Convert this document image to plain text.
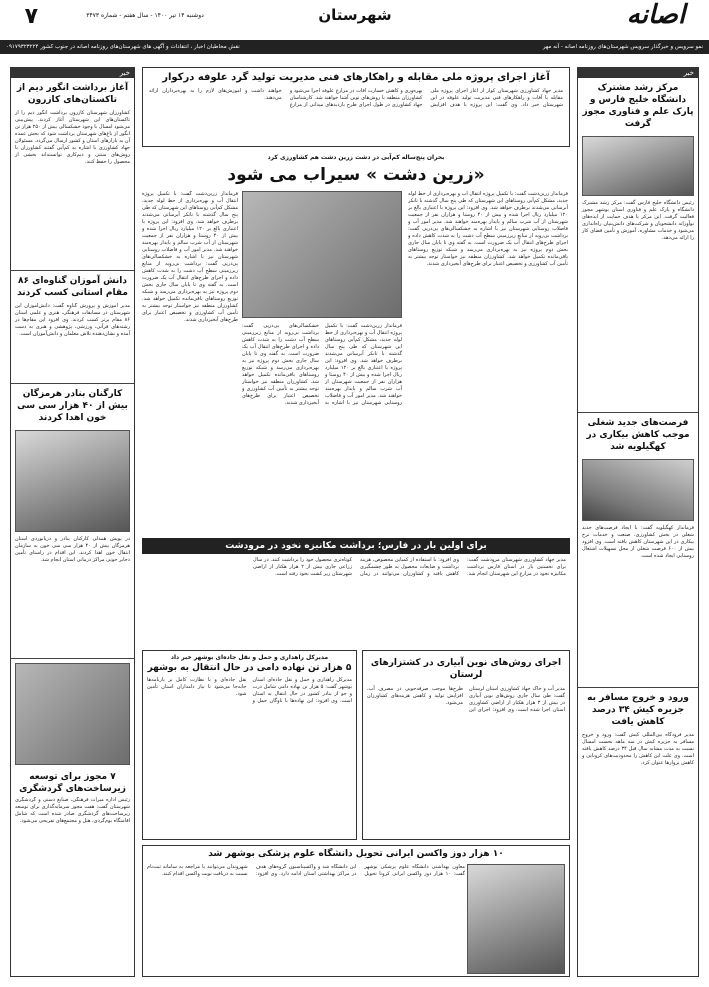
۷	دوشنبه ۱۴ تیر ۱۴۰۰ - سال هفتم - شماره ۳۴۷۳	شهرستان	اصانه
نمو سرویس و خبرگذار سرویس شهرستان‌های روزنامه اصانه - آنه مهر
نقش مخاطبان اخبار ، انتقادات و آگهی های شهرستان‌های روزنامه اصانه در جنوب کشور ۰۹۱۷۹۳۲۳۲۲۴
خبر
آغاز برداشت انگور دیم از تاکستان‌های کازرون
کشاورزان شهرستان کازرون برداشت انگور دیم را از تاکستان‌های این شهرستان آغاز کردند. پیش‌بینی می‌شود امسال با وجود خشکسالی بیش از ۲۵۰ هزار تن انگور از باغ‌های شهرستان برداشت شود که بخش عمده آن به بازارهای استان و کشور ارسال می‌گردد. مسئولان جهاد کشاورزی با اشاره به کم‌آبی گفتند کشاورزان با روش‌های سنتی و دیم‌کاری توانسته‌اند بخشی از محصول را حفظ کنند.
دانش آموزان گناوه‌ای ۸۶ مقام استانی کسب کردند
مدیر آموزش و پرورش گناوه گفت: دانش‌آموزان این شهرستان در مسابقات فرهنگی، هنری و علمی استان ۸۶ مقام برتر کسب کردند. وی افزود این مقام‌ها در رشته‌های قرآنی، ورزشی، پژوهشی و هنری به دست آمده و نشان‌دهنده تلاش معلمان و دانش‌آموزان است.
کارگنان بنادر هرمزگان بیش از ۴۰ هزار سی سی خون اهدا کردند
در پویش همدلی کارکنان بنادر و دریانوردی استان هرمزگان بیش از ۴۰ هزار سی سی خون به سازمان انتقال خون اهدا کردند. این اقدام در راستای تأمین ذخایر خونی مراکز درمانی استان انجام شد.
۷ مجوز برای توسعه زیرساخت‌های گردشگری
رئیس اداره میراث فرهنگی، صنایع دستی و گردشگری شهرستان گفت: هفت مجوز سرمایه‌گذاری برای توسعه زیرساخت‌های گردشگری صادر شده است که شامل اقامتگاه بوم‌گردی، هتل و مجتمع‌های تفریحی می‌شود.
خبر
مرکز رشد مشترک دانشگاه خلیج فارس و پارک علم و فناوری مجوز گرفت
رئیس دانشگاه خلیج فارس گفت: مرکز رشد مشترک دانشگاه و پارک علم و فناوری استان بوشهر مجوز فعالیت گرفت. این مرکز با هدف حمایت از ایده‌های نوآورانه دانشجویان و شرکت‌های دانش‌بنیان راه‌اندازی می‌شود و خدمات مشاوره، آموزش و تأمین فضای کار را ارائه می‌دهد.
فرصت‌های جدید شغلی موجب کاهش بیکاری در کهگیلویه شد
فرماندار کهگیلویه گفت: با ایجاد فرصت‌های جدید شغلی در بخش کشاورزی، صنعت و خدمات نرخ بیکاری در این شهرستان کاهش یافته است. وی افزود بیش از ۶۰۰ فرصت شغلی از محل تسهیلات اشتغال روستایی ایجاد شده است.
ورود و خروج مسافر به جزیره کیش ۳۴ درصد کاهش یافت
مدیر فرودگاه بین‌المللی کیش گفت: ورود و خروج مسافر به جزیره کیش در سه ماهه نخست امسال نسبت به مدت مشابه سال قبل ۳۴ درصد کاهش یافته است. وی علت این کاهش را محدودیت‌های کرونایی و کاهش پروازها عنوان کرد.
آغاز اجرای پروژه ملی مقابله و راهکارهای فنی مدیریت تولید گرد علوفه درکوار
مدیر جهاد کشاورزی شهرستان کوار از آغاز اجرای پروژه ملی مقابله با آفات و راهکارهای فنی مدیریت تولید علوفه در این شهرستان خبر داد. وی گفت: این پروژه با هدف افزایش بهره‌وری و کاهش خسارت آفات در مزارع علوفه اجرا می‌شود و کشاورزان منطقه با روش‌های نوین آشنا خواهند شد. کارشناسان جهاد کشاورزی در طول اجرای طرح بازدیدهای میدانی از مزارع خواهند داشت و آموزش‌های لازم را به بهره‌برداران ارائه می‌دهند.
بحران پنج‌ساله کم‌آبی در دشت زرین دشت هم کشاورزی کرد
«زرین دشت » سیراب می شود
فرماندار زرین‌دشت گفت: با تکمیل پروژه انتقال آب و بهره‌برداری از خط لوله جدید، مشکل کم‌آبی روستاهای این شهرستان که طی پنج سال گذشته با تانکر آبرسانی می‌شدند برطرف خواهد شد. وی افزود: این پروژه با اعتباری بالغ بر ۱۲۰ میلیارد ریال اجرا شده و بیش از ۴۰ روستا و هزاران نفر از جمعیت شهرستان از آب شرب سالم و پایدار بهره‌مند خواهند شد. مدیر امور آب و فاضلاب روستایی شهرستان نیز با اشاره به خشکسالی‌های پی‌درپی گفت: برداشت بی‌رویه از منابع زیرزمینی سطح آب دشت را به شدت کاهش داده و اجرای طرح‌های انتقال آب یک ضرورت است. به گفته وی تا پایان سال جاری بخش دوم پروژه نیز به بهره‌برداری می‌رسد و شبکه توزیع روستاهای باقی‌مانده تکمیل خواهد شد. کشاورزان منطقه نیز خواستار توجه بیشتر به تأمین آب کشاورزی و تخصیص اعتبار برای طرح‌های آبخیزداری شدند.
فرماندار زرین‌دشت گفت: با تکمیل پروژه انتقال آب و بهره‌برداری از خط لوله جدید، مشکل کم‌آبی روستاهای این شهرستان که طی پنج سال گذشته با تانکر آبرسانی می‌شدند برطرف خواهد شد. وی افزود: این پروژه با اعتباری بالغ بر ۱۲۰ میلیارد ریال اجرا شده و بیش از ۴۰ روستا و هزاران نفر از جمعیت شهرستان از آب شرب سالم و پایدار بهره‌مند خواهند شد. مدیر امور آب و فاضلاب روستایی شهرستان نیز با اشاره به خشکسالی‌های پی‌درپی گفت: برداشت بی‌رویه از منابع زیرزمینی سطح آب دشت را به شدت کاهش داده و اجرای طرح‌های انتقال آب یک ضرورت است. به گفته وی تا پایان سال جاری بخش دوم پروژه نیز به بهره‌برداری می‌رسد و شبکه توزیع روستاهای باقی‌مانده تکمیل خواهد شد. کشاورزان منطقه نیز خواستار توجه بیشتر به تأمین آب کشاورزی و تخصیص اعتبار برای طرح‌های آبخیزداری شدند.
فرماندار زرین‌دشت گفت: با تکمیل پروژه انتقال آب و بهره‌برداری از خط لوله جدید، مشکل کم‌آبی روستاهای این شهرستان که طی پنج سال گذشته با تانکر آبرسانی می‌شدند برطرف خواهد شد. وی افزود: این پروژه با اعتباری بالغ بر ۱۲۰ میلیارد ریال اجرا شده و بیش از ۴۰ روستا و هزاران نفر از جمعیت شهرستان از آب شرب سالم و پایدار بهره‌مند خواهند شد. مدیر امور آب و فاضلاب روستایی شهرستان نیز با اشاره به خشکسالی‌های پی‌درپی گفت: برداشت بی‌رویه از منابع زیرزمینی سطح آب دشت را به شدت کاهش داده و اجرای طرح‌های انتقال آب یک ضرورت است. به گفته وی تا پایان سال جاری بخش دوم پروژه نیز به بهره‌برداری می‌رسد و شبکه توزیع روستاهای باقی‌مانده تکمیل خواهد شد. کشاورزان منطقه نیز خواستار توجه بیشتر به تأمین آب کشاورزی و تخصیص اعتبار برای طرح‌های آبخیزداری شدند.
برای اولین بار در فارس؛ برداشت مکانیزه نخود در مرودشت
مدیر جهاد کشاورزی شهرستان مرودشت گفت: برای نخستین بار در استان فارس برداشت مکانیزه نخود در مزارع این شهرستان انجام شد. وی افزود: با استفاده از کمباین مخصوص، هزینه برداشت و ضایعات محصول به طور چشمگیری کاهش یافته و کشاورزان می‌توانند در زمان کوتاه‌تری محصول خود را برداشت کنند. در سال زراعی جاری بیش از ۲ هزار هکتار از اراضی شهرستان زیر کشت نخود رفته است.
مدیرکل راهداری و حمل و نقل جاده‌ای بوشهر خبر داد
۵ هزار تن نهاده دامی در حال انتقال به بوشهر
مدیرکل راهداری و حمل و نقل جاده‌ای استان بوشهر گفت: ۵ هزار تن نهاده دامی شامل ذرت و جو از بنادر کشور در حال انتقال به استان است. وی افزود: این نهاده‌ها با ناوگان حمل و نقل جاده‌ای و با نظارت کامل بر بارنامه‌ها جابه‌جا می‌شود تا نیاز دامداران استان تأمین شود.
اجرای روش‌های نوین آبیاری در کشتزارهای لرستان
مدیر آب و خاک جهاد کشاورزی استان لرستان گفت: طی سال جاری روش‌های نوین آبیاری در بیش از ۳ هزار هکتار از اراضی کشاورزی استان اجرا شده است. وی افزود: اجرای این طرح‌ها موجب صرفه‌جویی در مصرف آب، افزایش تولید و کاهش هزینه‌های کشاورزان می‌شود.
۱۰ هزار دوز واکسن ایرانی تحویل دانشگاه علوم پزشکی بوشهر شد
معاون بهداشتی دانشگاه علوم پزشکی بوشهر گفت: ۱۰ هزار دوز واکسن ایرانی کرونا تحویل این دانشگاه شد و واکسیناسیون گروه‌های هدف در مراکز بهداشتی استان ادامه دارد. وی افزود: شهروندان می‌توانند با مراجعه به سامانه ثبت‌نام نسبت به دریافت نوبت واکسن اقدام کنند.
